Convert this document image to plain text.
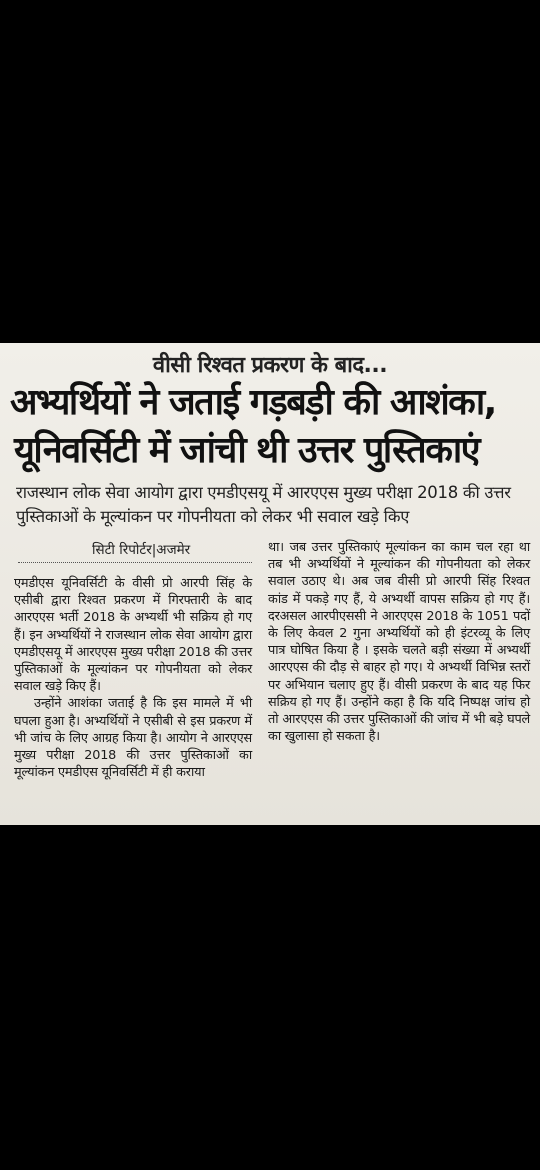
वीसी रिश्वत प्रकरण के बाद...
अभ्यर्थियों ने जताई गड़बड़ी की आशंका,
यूनिवर्सिटी में जांची थी उत्तर पुस्तिकाएं
राजस्थान लोक सेवा आयोग द्वारा एमडीएसयू में आरएएस मुख्य परीक्षा 2018 की उत्तर पुस्तिकाओं के मूल्यांकन पर गोपनीयता को लेकर भी सवाल खड़े किए
सिटी रिपोर्टर|अजमेर

एमडीएस यूनिवर्सिटी के वीसी प्रो आरपी सिंह के एसीबी द्वारा रिश्वत प्रकरण में गिरफ्तारी के बाद आरएएस भर्ती 2018 के अभ्यर्थी भी सक्रिय हो गए हैं। इन अभ्यर्थियों ने राजस्थान लोक सेवा आयोग द्वारा एमडीएसयू में आरएएस मुख्य परीक्षा 2018 की उत्तर पुस्तिकाओं के मूल्यांकन पर गोपनीयता को लेकर सवाल खड़े किए हैं।

उन्होंने आशंका जताई है कि इस मामले में भी घपला हुआ है। अभ्यर्थियों ने एसीबी से इस प्रकरण में भी जांच के लिए आग्रह किया है। आयोग ने आरएएस मुख्य परीक्षा 2018 की उत्तर पुस्तिकाओं का मूल्यांकन एमडीएस यूनिवर्सिटी में ही कराया

था। जब उत्तर पुस्तिकाएं मूल्यांकन का काम चल रहा था तब भी अभ्यर्थियों ने मूल्यांकन की गोपनीयता को लेकर सवाल उठाए थे। अब जब वीसी प्रो आरपी सिंह रिश्वत कांड में पकड़े गए हैं, ये अभ्यर्थी वापस सक्रिय हो गए हैं। दरअसल आरपीएससी ने आरएएस 2018 के 1051 पदों के लिए केवल 2 गुना अभ्यर्थियों को ही इंटरव्यू के लिए पात्र घोषित किया है । इसके चलते बड़ी संख्या में अभ्यर्थी आरएएस की दौड़ से बाहर हो गए। ये अभ्यर्थी विभिन्न स्तरों पर अभियान चलाए हुए हैं। वीसी प्रकरण के बाद यह फिर सक्रिय हो गए हैं। उन्होंने कहा है कि यदि निष्पक्ष जांच हो तो आरएएस की उत्तर पुस्तिकाओं की जांच में भी बड़े घपले का खुलासा हो सकता है।
